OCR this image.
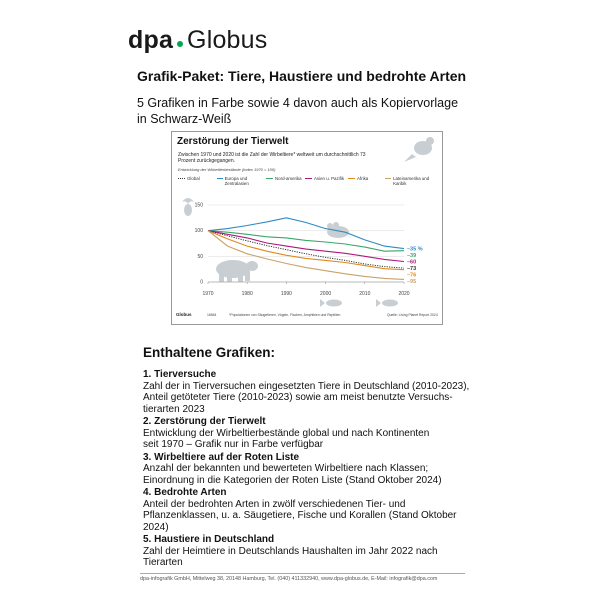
dpa Globus
Grafik-Paket: Tiere, Haustiere und bedrohte Arten
5 Grafiken in Farbe sowie 4 davon auch als Kopiervorlage in Schwarz-Weiß
0
50
100
150
1970	1980	1990	2000	2010	2020
–35 %
–39
–60
–73
–76
–95
Zerstörung der Tierwelt
Zwischen 1970 und 2020 ist die Zahl der Wirbeltiere* weltweit um durchschnittlich 73 Prozent zurückgegangen.
Entwicklung der Wirbeltierbestände (Index 1970 = 100)
Global	Europa und Zentralasien
Nord-amerika	Asien u. Pazifik	Afrika	Lateinamerika und Karibik
Globus	16564	*Populationen von Säugetieren, Vögeln, Fischen, Amphibien und Reptilien	Quelle: Living Planet Report 2024
Enthaltene Grafiken:
1. Tierversuche
Zahl der in Tierversuchen eingesetzten Tiere in Deutschland (2010-2023),
Anteil getöteter Tiere (2010-2023) sowie am meist benutzte Versuchs-
tierarten 2023
2. Zerstörung der Tierwelt
Entwicklung der Wirbeltierbestände global und nach Kontinenten
seit 1970 – Grafik nur in Farbe verfügbar
3. Wirbeltiere auf der Roten Liste
Anzahl der bekannten und bewerteten Wirbeltiere nach Klassen;
Einordnung in die Kategorien der Roten Liste (Stand Oktober 2024)
4. Bedrohte Arten
Anteil der bedrohten Arten in zwölf verschiedenen Tier- und
Pflanzenklassen, u. a. Säugetiere, Fische und Korallen (Stand Oktober
2024)
5. Haustiere in Deutschland
Zahl der Heimtiere in Deutschlands Haushalten im Jahr 2022 nach
Tierarten
dpa-infografik GmbH, Mittelweg 38, 20148 Hamburg, Tel. (040) 411332940, www.dpa-globus.de, E-Mail: infografik@dpa.com
